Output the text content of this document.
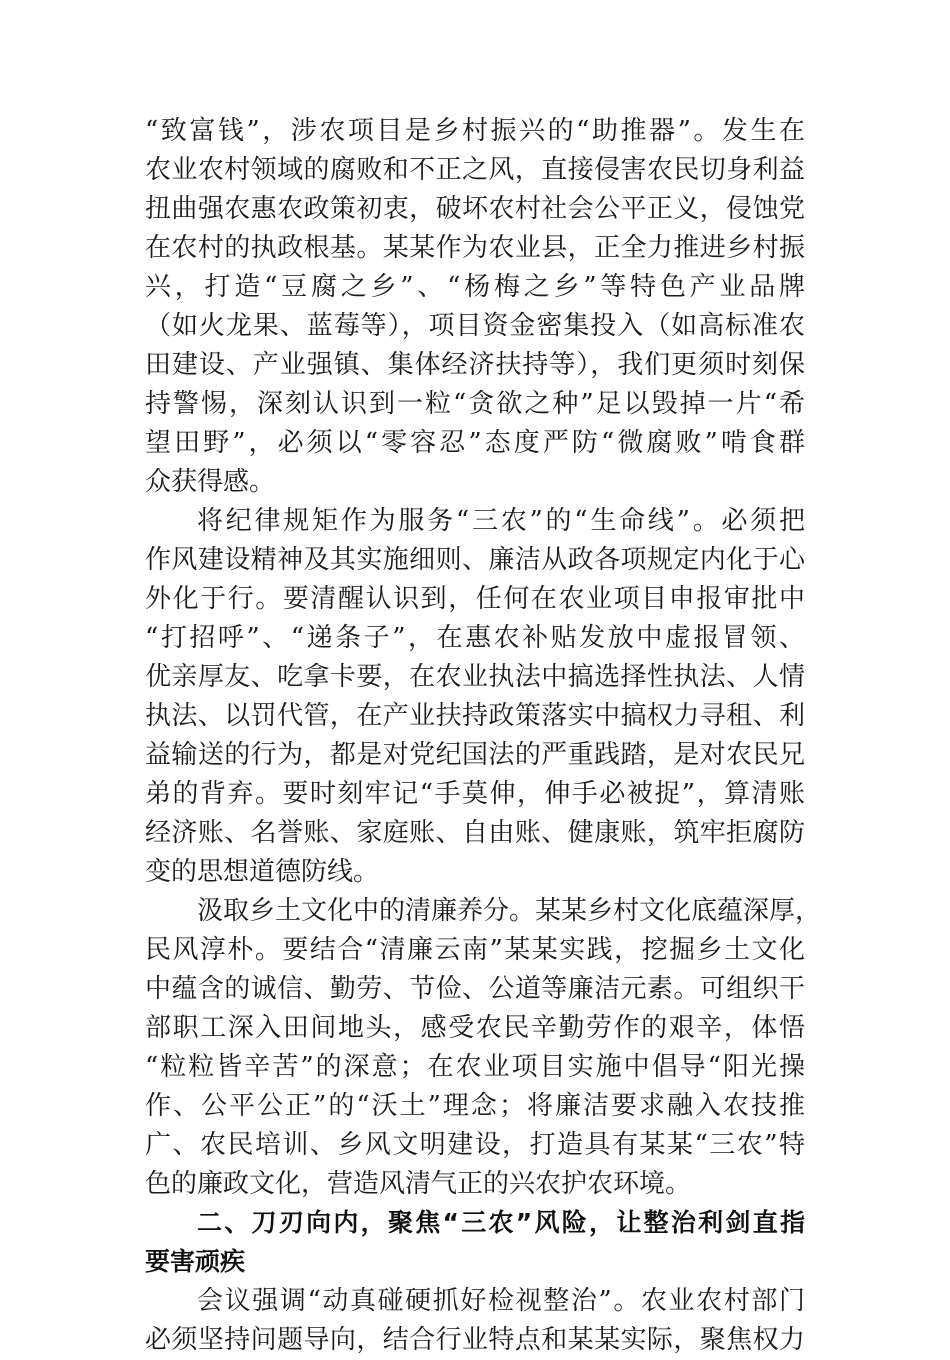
“致富钱”，涉农项目是乡村振兴的“助推器”。发生在
农业农村领域的腐败和不正之风，直接侵害农民切身利益
扭曲强农惠农政策初衷，破坏农村社会公平正义，侵蚀党
在农村的执政根基。某某作为农业县，正全力推进乡村振
兴，打造“豆腐之乡”、“杨梅之乡”等特色产业品牌
（如火龙果、蓝莓等），项目资金密集投入（如高标准农
田建设、产业强镇、集体经济扶持等），我们更须时刻保
持警惕，深刻认识到一粒“贪欲之种”足以毁掉一片“希
望田野”，必须以“零容忍”态度严防“微腐败”啃食群
众获得感。
将纪律规矩作为服务“三农”的“生命线”。必须把
作风建设精神及其实施细则、廉洁从政各项规定内化于心
外化于行。要清醒认识到，任何在农业项目申报审批中
“打招呼”、“递条子”，在惠农补贴发放中虚报冒领、
优亲厚友、吃拿卡要，在农业执法中搞选择性执法、人情
执法、以罚代管，在产业扶持政策落实中搞权力寻租、利
益输送的行为，都是对党纪国法的严重践踏，是对农民兄
弟的背弃。要时刻牢记“手莫伸，伸手必被捉”，算清账
经济账、名誉账、家庭账、自由账、健康账，筑牢拒腐防
变的思想道德防线。
汲取乡土文化中的清廉养分。某某乡村文化底蕴深厚，
民风淳朴。要结合“清廉云南”某某实践，挖掘乡土文化
中蕴含的诚信、勤劳、节俭、公道等廉洁元素。可组织干
部职工深入田间地头，感受农民辛勤劳作的艰辛，体悟
“粒粒皆辛苦”的深意；在农业项目实施中倡导“阳光操
作、公平公正”的“沃土”理念；将廉洁要求融入农技推
广、农民培训、乡风文明建设，打造具有某某“三农”特
色的廉政文化，营造风清气正的兴农护农环境。
二、刀刃向内，聚焦“三农”风险，让整治利剑直指
要害顽疾
会议强调“动真碰硬抓好检视整治”。农业农村部门
必须坚持问题导向，结合行业特点和某某实际，聚焦权力
